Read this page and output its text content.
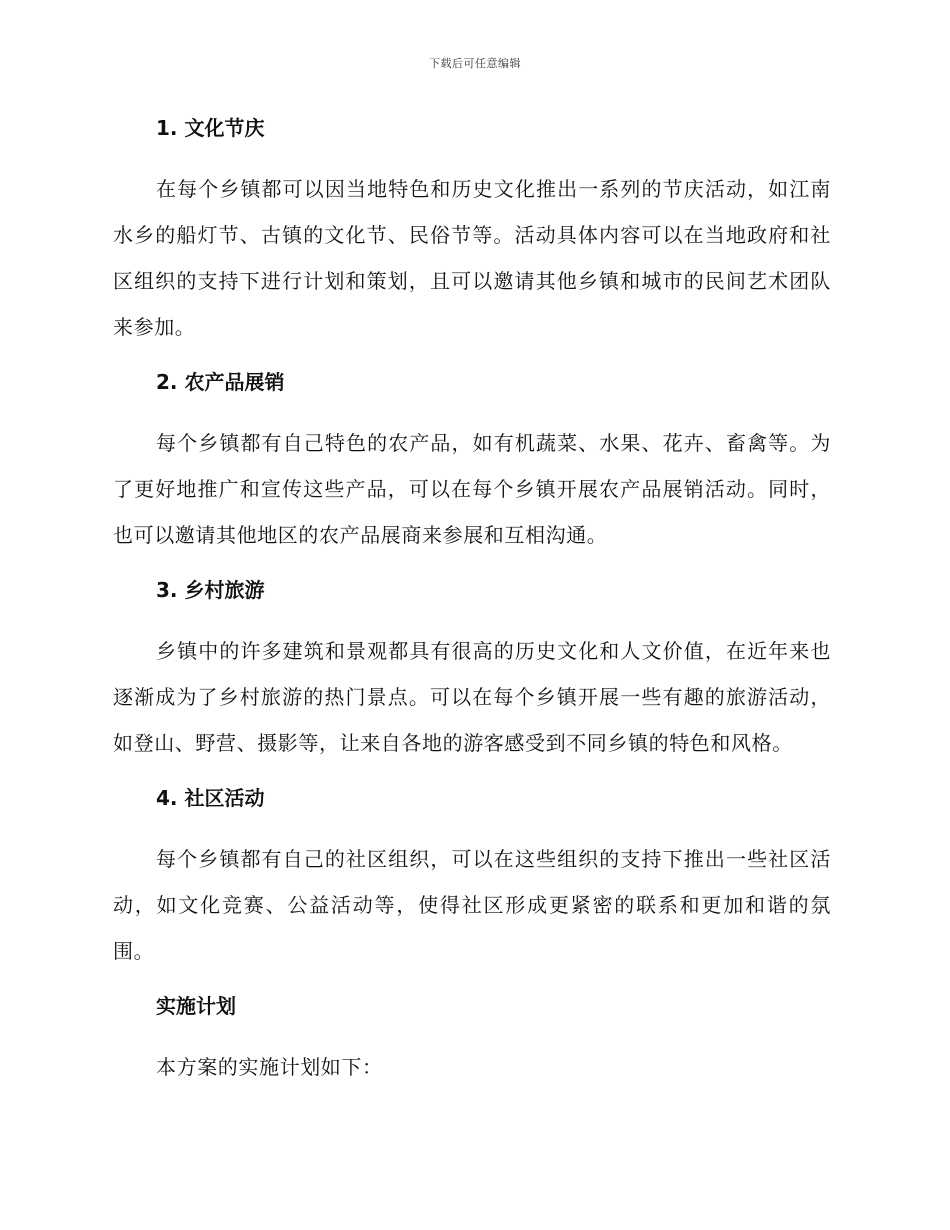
下载后可任意编辑
1. 文化节庆

在每个乡镇都可以因当地特色和历史文化推出一系列的节庆活动，如江南水乡的船灯节、古镇的文化节、民俗节等。活动具体内容可以在当地政府和社区组织的支持下进行计划和策划，且可以邀请其他乡镇和城市的民间艺术团队来参加。

2. 农产品展销

每个乡镇都有自己特色的农产品，如有机蔬菜、水果、花卉、畜禽等。为了更好地推广和宣传这些产品，可以在每个乡镇开展农产品展销活动。同时，也可以邀请其他地区的农产品展商来参展和互相沟通。

3. 乡村旅游

乡镇中的许多建筑和景观都具有很高的历史文化和人文价值，在近年来也逐渐成为了乡村旅游的热门景点。可以在每个乡镇开展一些有趣的旅游活动，如登山、野营、摄影等，让来自各地的游客感受到不同乡镇的特色和风格。

4. 社区活动

每个乡镇都有自己的社区组织，可以在这些组织的支持下推出一些社区活动，如文化竞赛、公益活动等，使得社区形成更紧密的联系和更加和谐的氛围。

实施计划

本方案的实施计划如下：
